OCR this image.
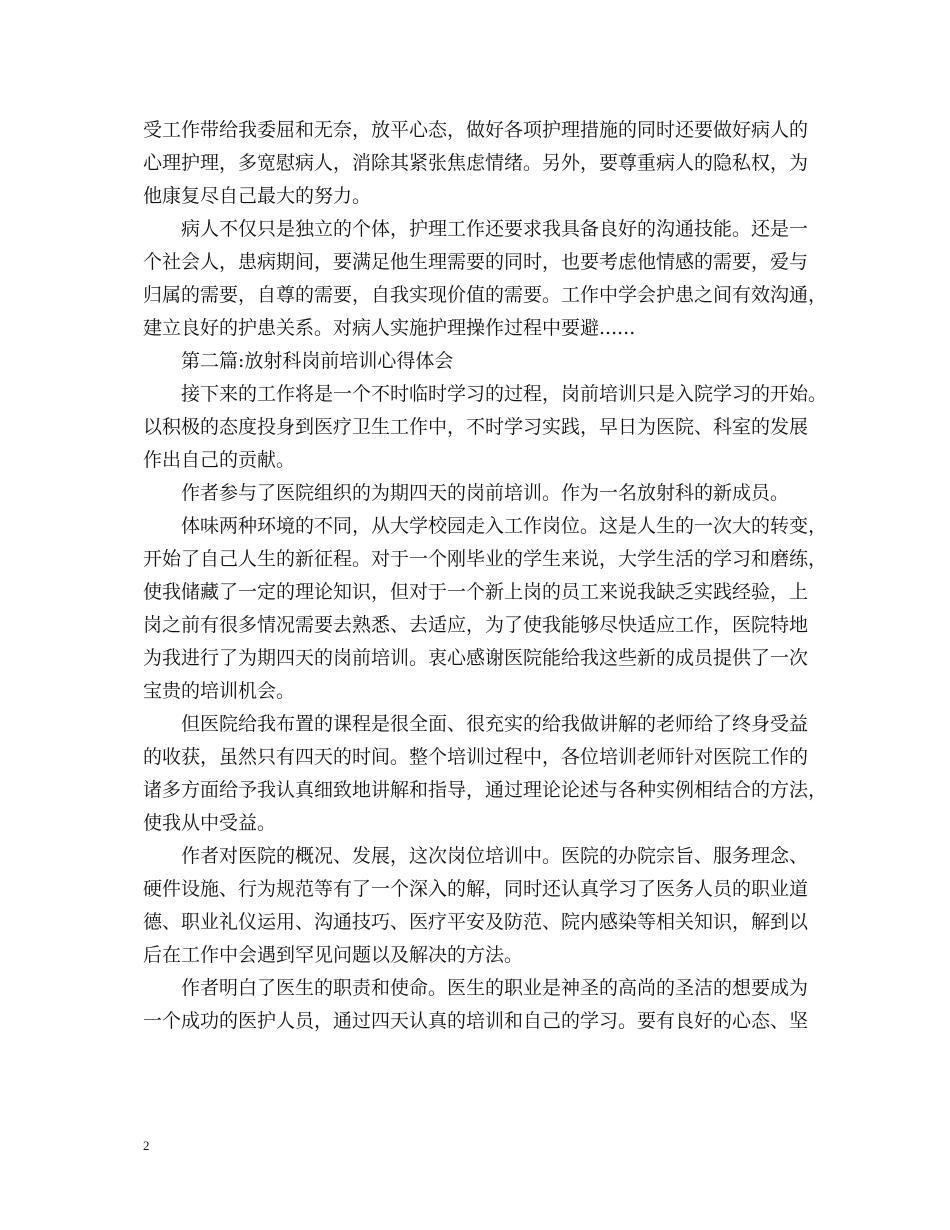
受工作带给我委屈和无奈，放平心态，做好各项护理措施的同时还要做好病人的
心理护理，多宽慰病人，消除其紧张焦虑情绪。另外，要尊重病人的隐私权，为
他康复尽自己最大的努力。
病人不仅只是独立的个体，护理工作还要求我具备良好的沟通技能。还是一
个社会人，患病期间，要满足他生理需要的同时，也要考虑他情感的需要，爱与
归属的需要，自尊的需要，自我实现价值的需要。工作中学会护患之间有效沟通，
建立良好的护患关系。对病人实施护理操作过程中要避......
第二篇:放射科岗前培训心得体会
接下来的工作将是一个不时临时学习的过程，岗前培训只是入院学习的开始。
以积极的态度投身到医疗卫生工作中，不时学习实践，早日为医院、科室的发展
作出自己的贡献。
作者参与了医院组织的为期四天的岗前培训。作为一名放射科的新成员。
体味两种环境的不同，从大学校园走入工作岗位。这是人生的一次大的转变，
开始了自己人生的新征程。对于一个刚毕业的学生来说，大学生活的学习和磨练，
使我储藏了一定的理论知识，但对于一个新上岗的员工来说我缺乏实践经验，上
岗之前有很多情况需要去熟悉、去适应，为了使我能够尽快适应工作，医院特地
为我进行了为期四天的岗前培训。衷心感谢医院能给我这些新的成员提供了一次
宝贵的培训机会。
但医院给我布置的课程是很全面、很充实的给我做讲解的老师给了终身受益
的收获，虽然只有四天的时间。整个培训过程中，各位培训老师针对医院工作的
诸多方面给予我认真细致地讲解和指导，通过理论论述与各种实例相结合的方法，
使我从中受益。
作者对医院的概况、发展，这次岗位培训中。医院的办院宗旨、服务理念、
硬件设施、行为规范等有了一个深入的解，同时还认真学习了医务人员的职业道
德、职业礼仪运用、沟通技巧、医疗平安及防范、院内感染等相关知识，解到以
后在工作中会遇到罕见问题以及解决的方法。
作者明白了医生的职责和使命。医生的职业是神圣的高尚的圣洁的想要成为
一个成功的医护人员，通过四天认真的培训和自己的学习。要有良好的心态、坚
2
